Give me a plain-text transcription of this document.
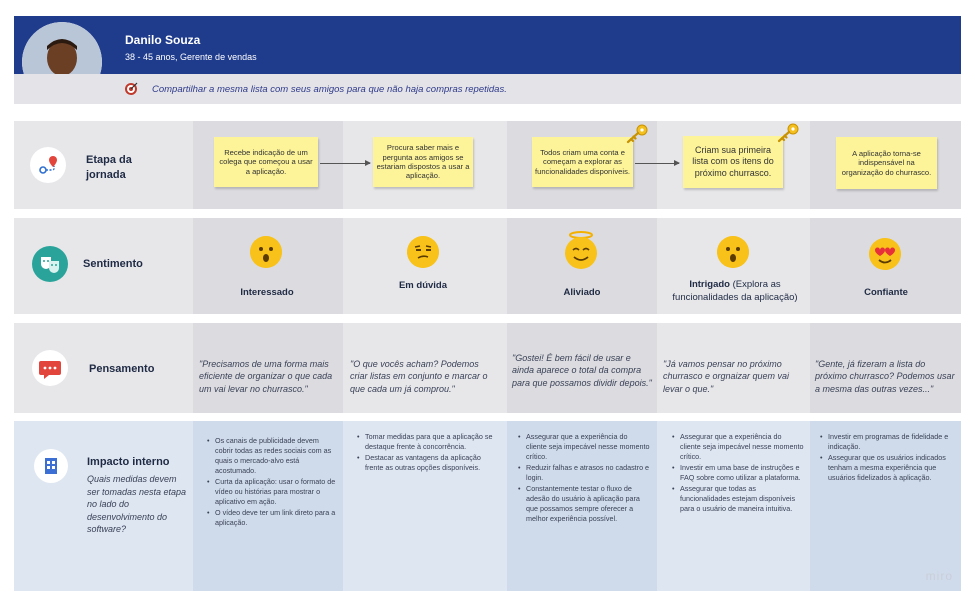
Danilo Souza
38 - 45 anos, Gerente de vendas
Compartilhar a mesma lista com seus amigos para que não haja compras repetidas.
Etapa da jornada
Sentimento
Pensamento
Impacto interno
Quais medidas devem ser tomadas nesta etapa no lado do desenvolvimento do software?
Recebe indicação de um colega que começou a usar a aplicação.
Procura saber mais e pergunta aos amigos se estariam dispostos a usar a aplicação.
Todos criam uma conta e começam a explorar as funcionalidades disponíveis.
Criam sua primeira lista com os itens do próximo churrasco.
A aplicação torna-se indispensável na organização do churrasco.
Interessado
Em dúvida
Aliviado
Intrigado (Explora as funcionalidades da aplicação)	Confiante
"Precisamos de uma forma mais eficiente de organizar o que cada um vai levar no churrasco."
"O que vocês acham? Podemos criar listas em conjunto e marcar o que cada um já comprou."
"Gostei! É bem fácil de usar e ainda aparece o total da compra para que possamos dividir depois."
"Já vamos pensar no próximo churrasco e orgnaizar quem vai levar o que."
"Gente, já fizeram a lista do próximo churrasco? Podemos usar a mesma das outras vezes..."
• Os canais de publicidade devem cobrir todas as redes sociais com as quais o mercado-alvo está acostumado.
• Curta da aplicação: usar o formato de vídeo ou histórias para mostrar o aplicativo em ação.
• O vídeo deve ter um link direto para a aplicação.
• Tomar medidas para que a aplicação se destaque frente à concorrência.
• Destacar as vantagens da aplicação frente as outras opções disponíveis.
• Assegurar que a experiência do cliente seja impecável nesse momento crítico.
• Reduzir falhas e atrasos no cadastro e login.
• Constantemente testar o fluxo de adesão do usuário à aplicação para que possamos sempre oferecer a melhor experiência possível.
• Assegurar que a experiência do cliente seja impecável nesse momento crítico.
• Investir em uma base de instruções e FAQ sobre como utilizar a plataforma.
• Assegurar que todas as funcionalidades estejam disponíveis para o usuário de maneira intuitiva.
• Investir em programas de fidelidade e indicação.
• Assegurar que os usuários indicados tenham a mesma experiência que usuários fidelizados à aplicação.
miro
